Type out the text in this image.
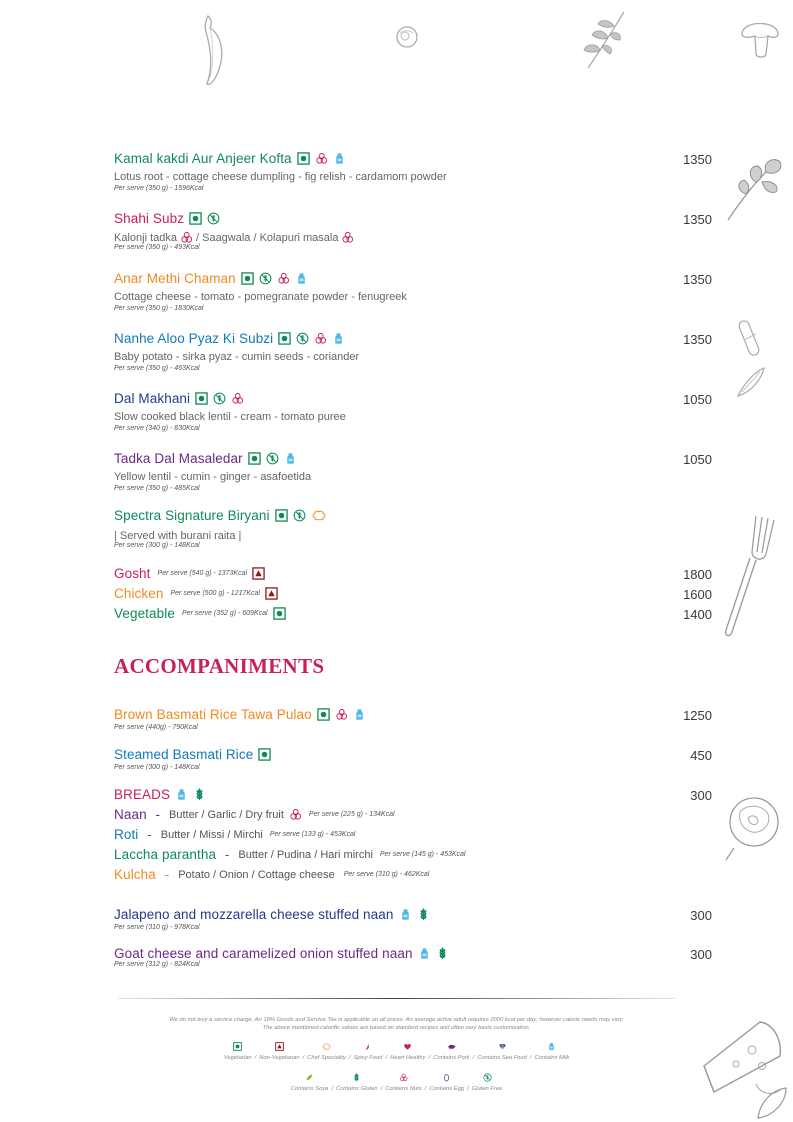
Kamal kakdi Aur Anjeer Kofta	1350
Lotus root - cottage cheese dumpling - fig relish - cardamom powder
Per serve (350 g) - 1596Kcal
Shahi Subz	1350
Kalonji tadka / Saagwala / Kolapuri masala
Per serve (350 g) - 493Kcal
Anar Methi Chaman	1350
Cottage cheese - tomato - pomegranate powder - fenugreek
Per serve (350 g) - 1830Kcal
Nanhe Aloo Pyaz Ki Subzi	1350
Baby potato - sirka pyaz - cumin seeds - coriander
Per serve (350 g) - 463Kcal
Dal Makhani	1050
Slow cooked black lentil - cream - tomato puree
Per serve (340 g) - 830Kcal
Tadka Dal Masaledar	1050
Yellow lentil - cumin - ginger - asafoetida
Per serve (350 g) - 485Kcal
Spectra Signature Biryani
| Served with burani raita |
Per serve (300 g) - 148Kcal
Gosht Per serve (540 g) - 1373Kcal	1800
Chicken Per serve (500 g) - 1217Kcal	1600
Vegetable Per serve (352 g) - 609Kcal	1400
ACCOMPANIMENTS
Brown Basmati Rice Tawa Pulao	1250
Per serve (440g) - 790Kcal
Steamed Basmati Rice	450
Per serve (300 g) - 148Kcal
BREADS	300
Naan - Butter / Garlic / Dry fruit	Per serve (225 g) - 134Kcal
Roti - Butter / Missi / Mirchi Per serve (133 g) - 453Kcal
Laccha parantha - Butter / Pudina / Hari mirchi Per serve (145 g) - 453Kcal
Kulcha - Potato / Onion / Cottage cheese Per serve (310 g) - 462Kcal
Jalapeno and mozzarella cheese stuffed naan	300
Per serve (310 g) - 978Kcal
Goat cheese and caramelized onion stuffed naan	300
Per serve (312 g) - 824Kcal
We do not levy a service charge. An 18% Goods and Service Tax is applicable on all prices. An average active adult requires 2000 kcal per day; however calorie needs may vary.
The above mentioned calorific values are based on standard recipes and often vary basis customization.
Vegetarian / Non-Vegetarian / Chef Speciality / Spicy Food / Heart Healthy / Contains Pork / Contains Sea Food / Contains Milk
Contains Soya / Contains Gluten / Contains Nuts / Contains Egg / Gluten Free
